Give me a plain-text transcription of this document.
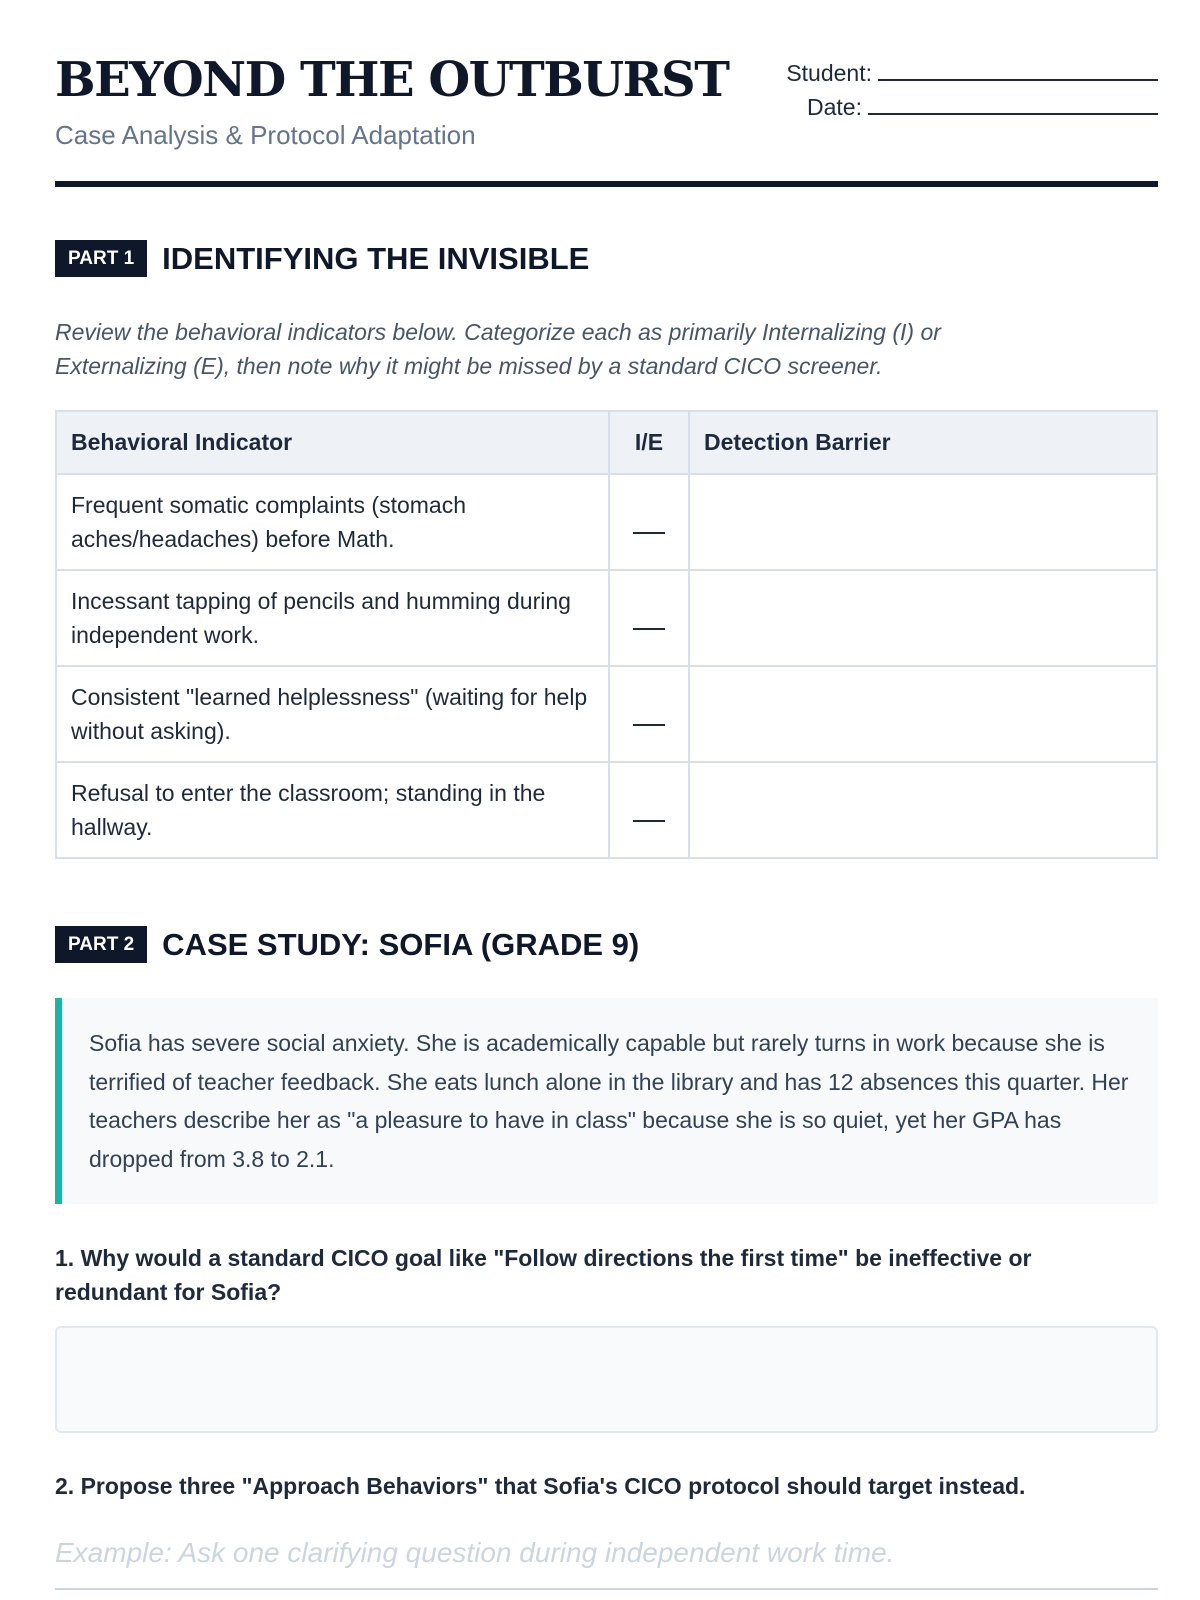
BEYOND THE OUTBURST
Case Analysis & Protocol Adaptation
Student:
Date:
PART 1 IDENTIFYING THE INVISIBLE
Review the behavioral indicators below. Categorize each as primarily Internalizing (I) or Externalizing (E), then note why it might be missed by a standard CICO screener.
Behavioral Indicator	I/E	Detection Barrier
Frequent somatic complaints (stomach aches/headaches) before Math.		
Incessant tapping of pencils and humming during independent work.		
Consistent "learned helplessness" (waiting for help without asking).		
Refusal to enter the classroom; standing in the hallway.		
PART 2 CASE STUDY: SOFIA (GRADE 9)

Sofia has severe social anxiety. She is academically capable but rarely turns in work because she is terrified of teacher feedback. She eats lunch alone in the library and has 12 absences this quarter. Her teachers describe her as "a pleasure to have in class" because she is so quiet, yet her GPA has dropped from 3.8 to 2.1.

1. Why would a standard CICO goal like "Follow directions the first time" be ineffective or redundant for Sofia?
2. Propose three "Approach Behaviors" that Sofia's CICO protocol should target instead.
Example: Ask one clarifying question during independent work time.
